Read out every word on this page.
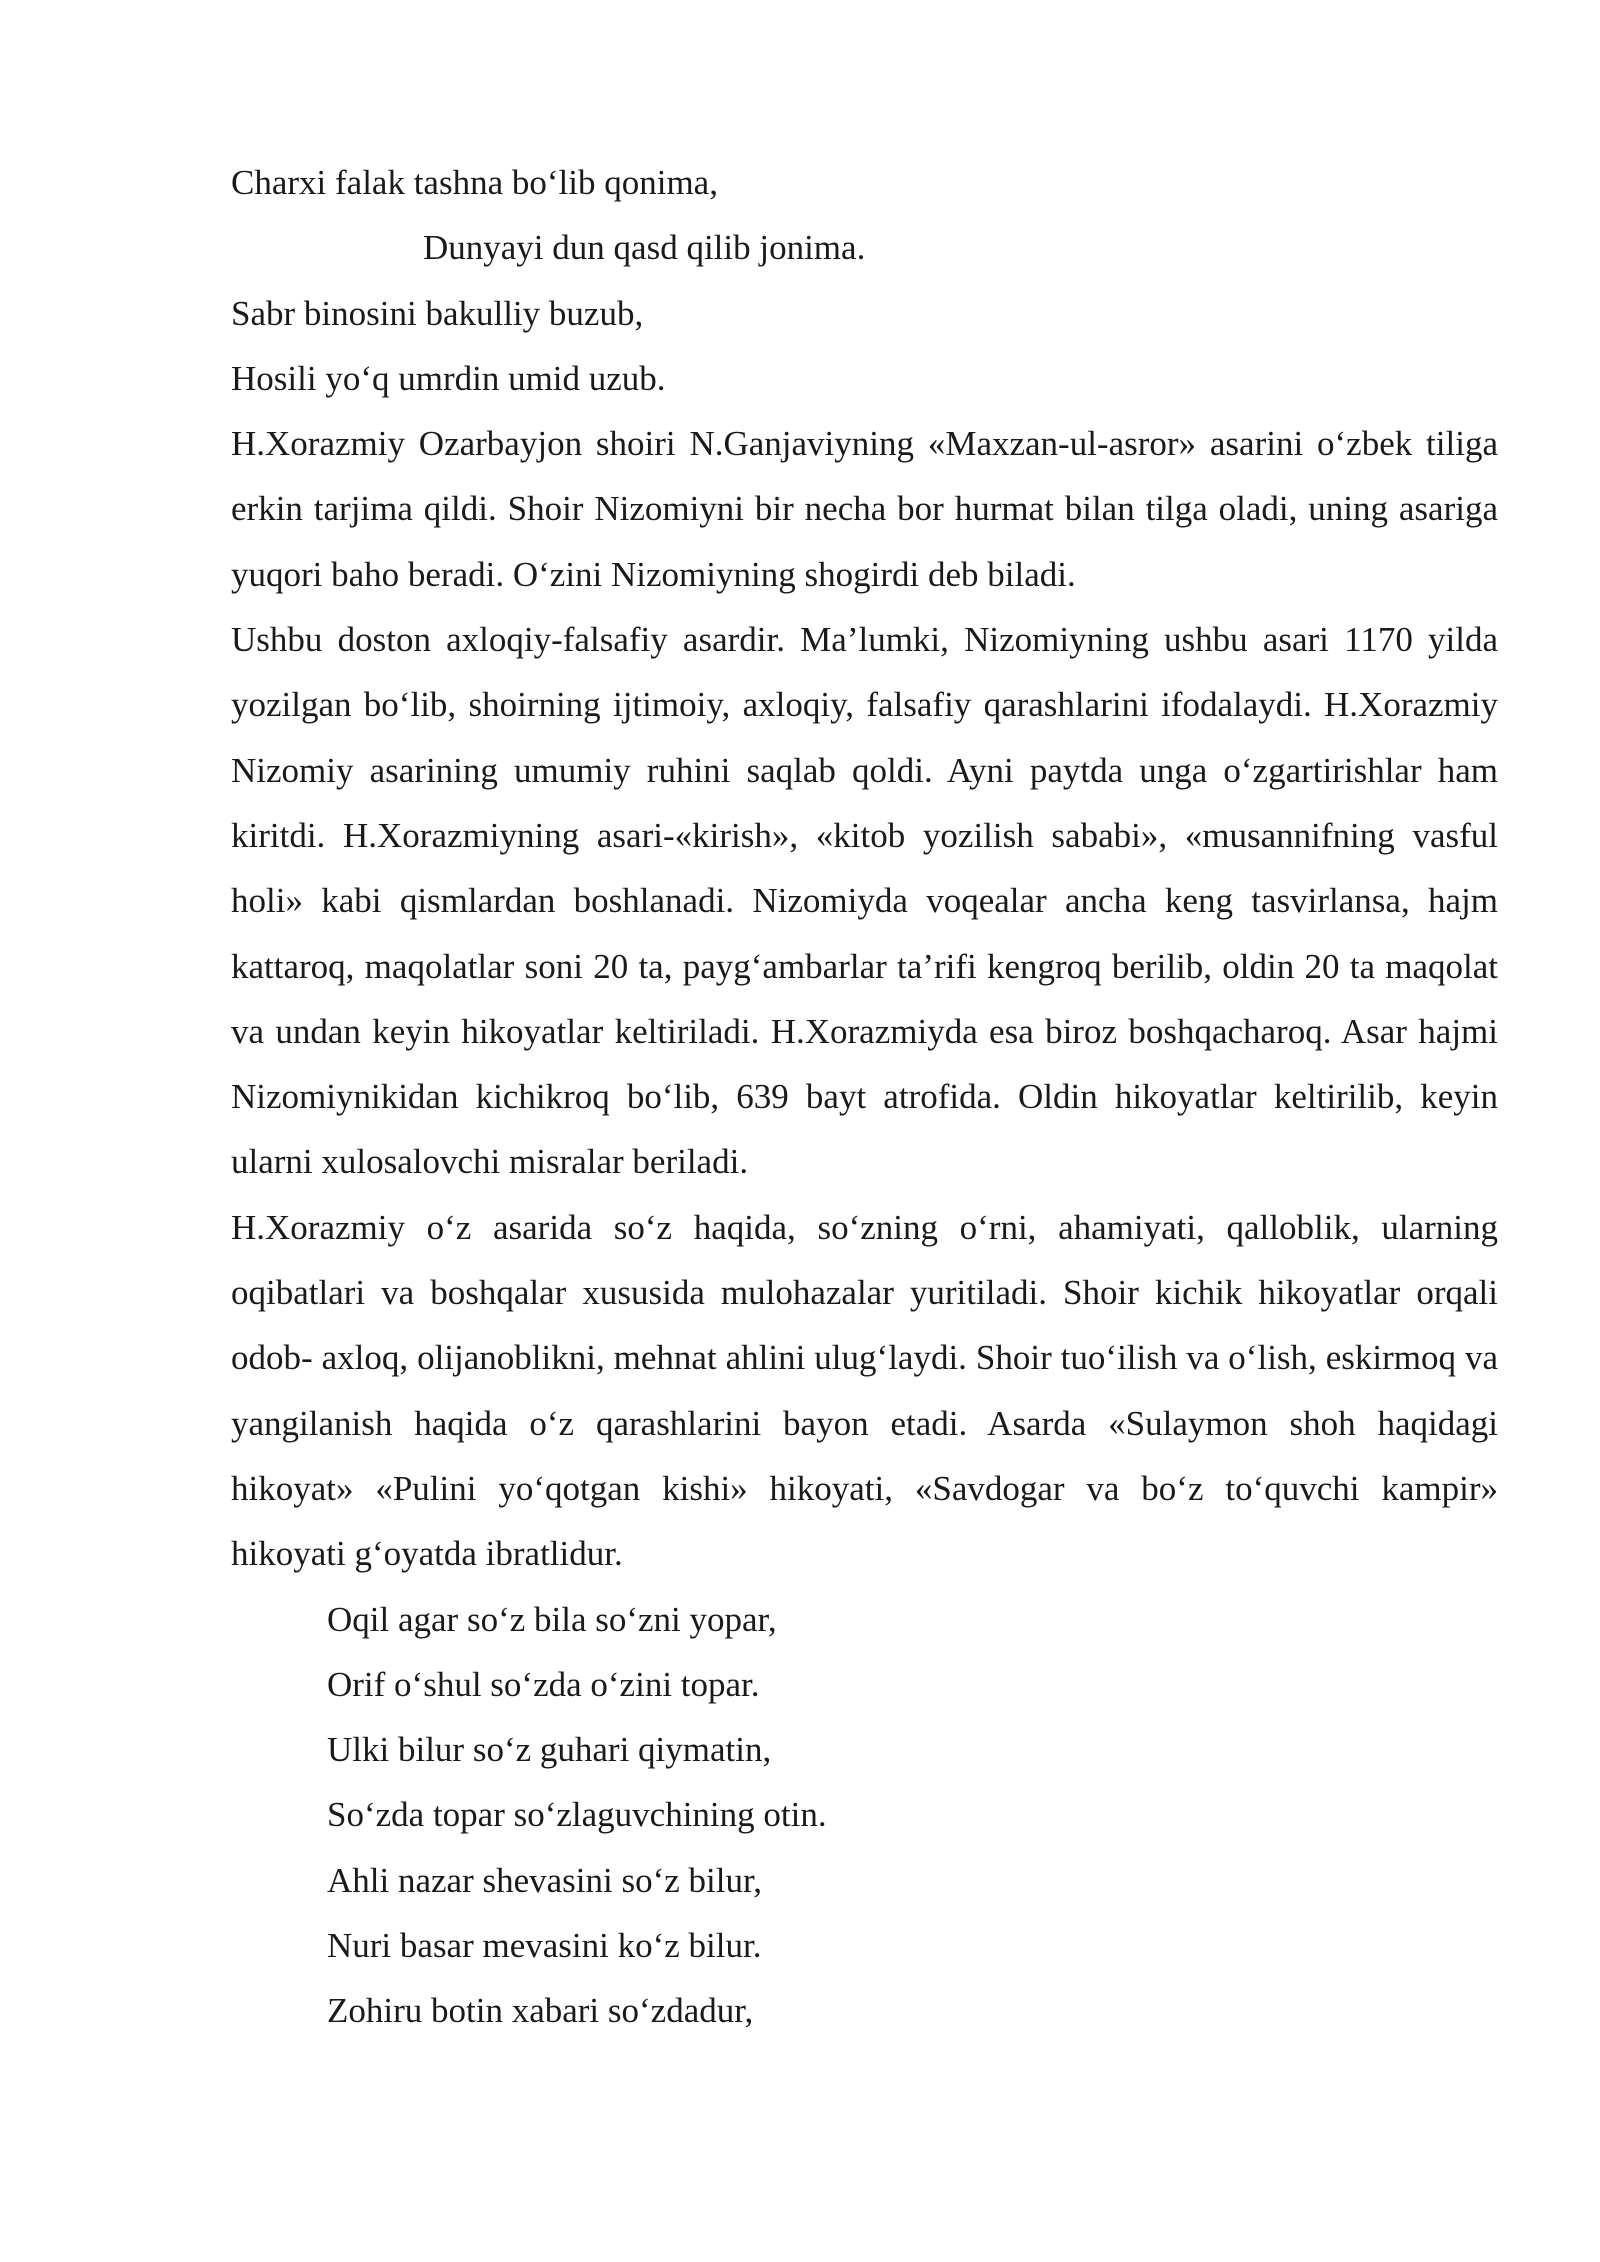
Charxi falak tashna bo‘lib qonima,
Dunyayi dun qasd qilib jonima.
Sabr binosini bakulliy buzub,
Hosili yo‘q umrdin umid uzub.

H.Xorazmiy Ozarbayjon shoiri N.Ganjaviyning «Maxzan-ul-asror» asarini o‘zbek tiliga erkin tarjima qildi. Shoir Nizomiyni bir necha bor hurmat bilan tilga oladi, uning asariga yuqori baho beradi. O‘zini Nizomiyning shogirdi deb biladi.

Ushbu doston axloqiy-falsafiy asardir. Ma’lumki, Nizomiyning ushbu asari 1170 yilda yozilgan bo‘lib, shoirning ijtimoiy, axloqiy, falsafiy qarashlarini ifodalaydi. H.Xorazmiy Nizomiy asarining umumiy ruhini saqlab qoldi. Ayni paytda unga o‘zgartirishlar ham kiritdi. H.Xorazmiyning asari-«kirish», «kitob yozilish sababi», «musannifning vasful holi» kabi qismlardan boshlanadi. Nizomiyda voqealar ancha keng tasvirlansa, hajm kattaroq, maqolatlar soni 20 ta, payg‘ambarlar ta’rifi kengroq berilib, oldin 20 ta maqolat va undan keyin hikoyatlar keltiriladi. H.Xorazmiyda esa biroz boshqacharoq. Asar hajmi Nizomiynikidan kichikroq bo‘lib, 639 bayt atrofida. Oldin hikoyatlar keltirilib, keyin ularni xulosalovchi misralar beriladi.

H.Xorazmiy o‘z asarida so‘z haqida, so‘zning o‘rni, ahamiyati, qalloblik, ularning oqibatlari va boshqalar xususida mulohazalar yuritiladi. Shoir kichik hikoyatlar orqali odob- axloq, olijanoblikni, mehnat ahlini ulug‘laydi. Shoir tuo‘ilish va o‘lish, eskirmoq va yangilanish haqida o‘z qarashlarini bayon etadi. Asarda «Sulaymon shoh haqidagi hikoyat» «Pulini yo‘qotgan kishi» hikoyati, «Savdogar va bo‘z to‘quvchi kampir» hikoyati g‘oyatda ibratlidur.

Oqil agar so‘z bila so‘zni yopar,
Orif o‘shul so‘zda o‘zini topar.
Ulki bilur so‘z guhari qiymatin,
So‘zda topar so‘zlaguvchining otin.
Ahli nazar shevasini so‘z bilur,
Nuri basar mevasini ko‘z bilur.
Zohiru botin xabari so‘zdadur,
